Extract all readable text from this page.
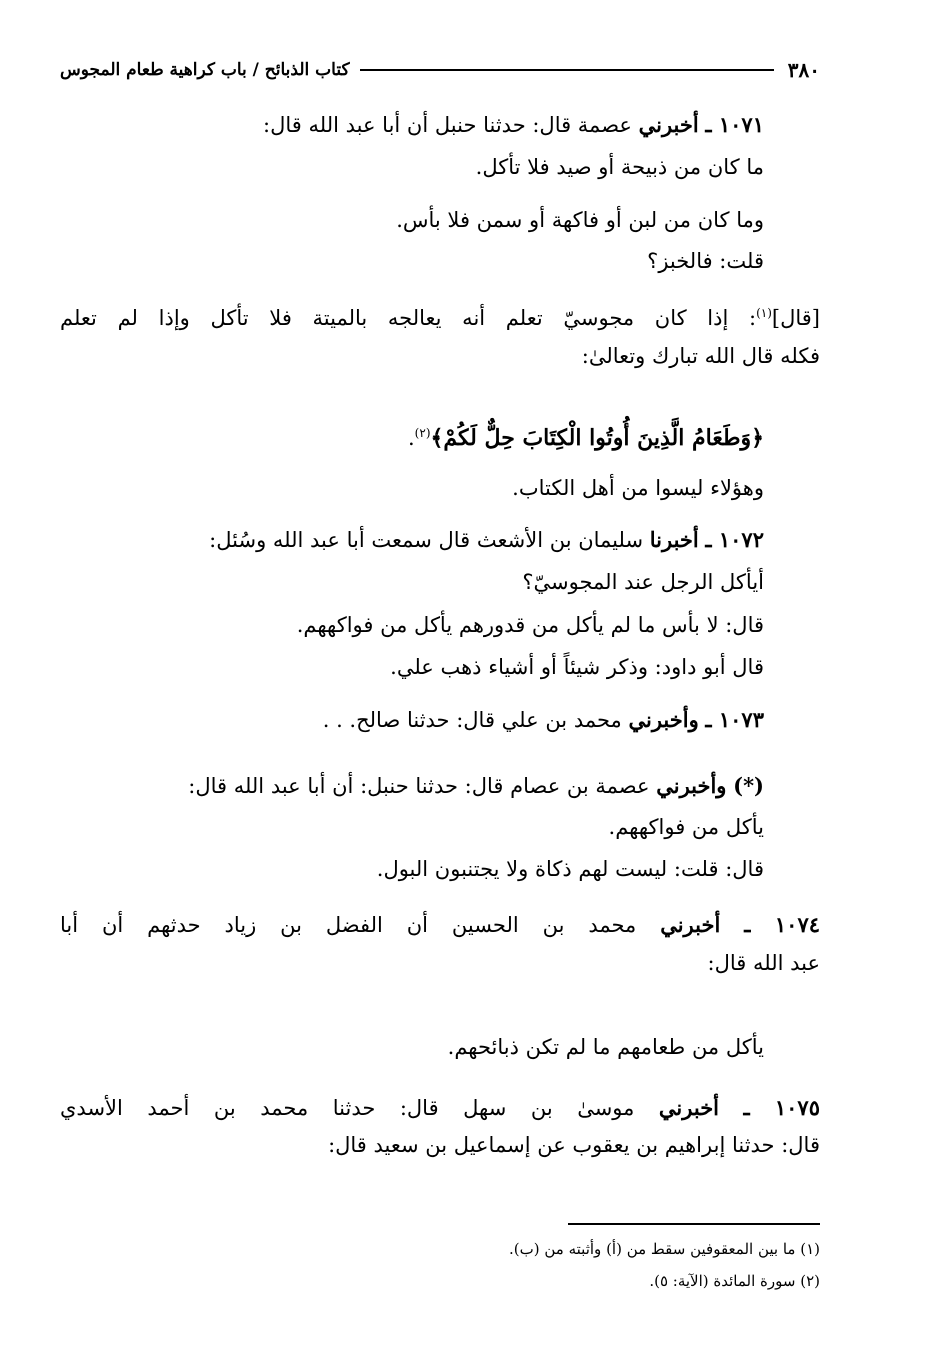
٣٨٠
كتاب الذبائح / باب كراهية طعام المجوس
١٠٧١ ـ أخبرني عصمة قال: حدثنا حنبل أن أبا عبد الله قال:
ما كان من ذبيحة أو صيد فلا تأكل.
وما كان من لبن أو فاكهة أو سمن فلا بأس.
قلت: فالخبز؟
[قال]$^{(١)}$: إذا كان مجوسيّ تعلم أنه يعالجه بالميتة فلا تأكل وإذا لم تعلم
فكله قال الله تبارك وتعالىٰ:
﴿وَطَعَامُ الَّذِينَ أُوتُوا الْكِتَابَ حِلٌّ لَكُمْ﴾$^{(٢)}$.
وهؤلاء ليسوا من أهل الكتاب.
١٠٧٢ ـ أخبرنا سليمان بن الأشعث قال سمعت أبا عبد الله وسُئل:
أيأكل الرجل عند المجوسيّ؟
قال: لا بأس ما لم يأكل من قدورهم يأكل من فواكههم.
قال أبو داود: وذكر شيئاً أو أشياء ذهب علي.
١٠٧٣ ـ وأخبرني محمد بن علي قال: حدثنا صالح. . .
(*) وأخبرني عصمة بن عصام قال: حدثنا حنبل: أن أبا عبد الله قال:
يأكل من فواكههم.
قال: قلت: ليست لهم ذكاة ولا يجتنبون البول.
١٠٧٤ ـ أخبرني محمد بن الحسين أن الفضل بن زياد حدثهم أن أبا
عبد الله قال:
يأكل من طعامهم ما لم تكن ذبائحهم.
١٠٧٥ ـ أخبرني موسىٰ بن سهل قال: حدثنا محمد بن أحمد الأسدي
قال: حدثنا إبراهيم بن يعقوب عن إسماعيل بن سعيد قال:
(١) ما بين المعقوفين سقط من (أ) وأثبته من (ب).
(٢) سورة المائدة (الآية: ٥).
